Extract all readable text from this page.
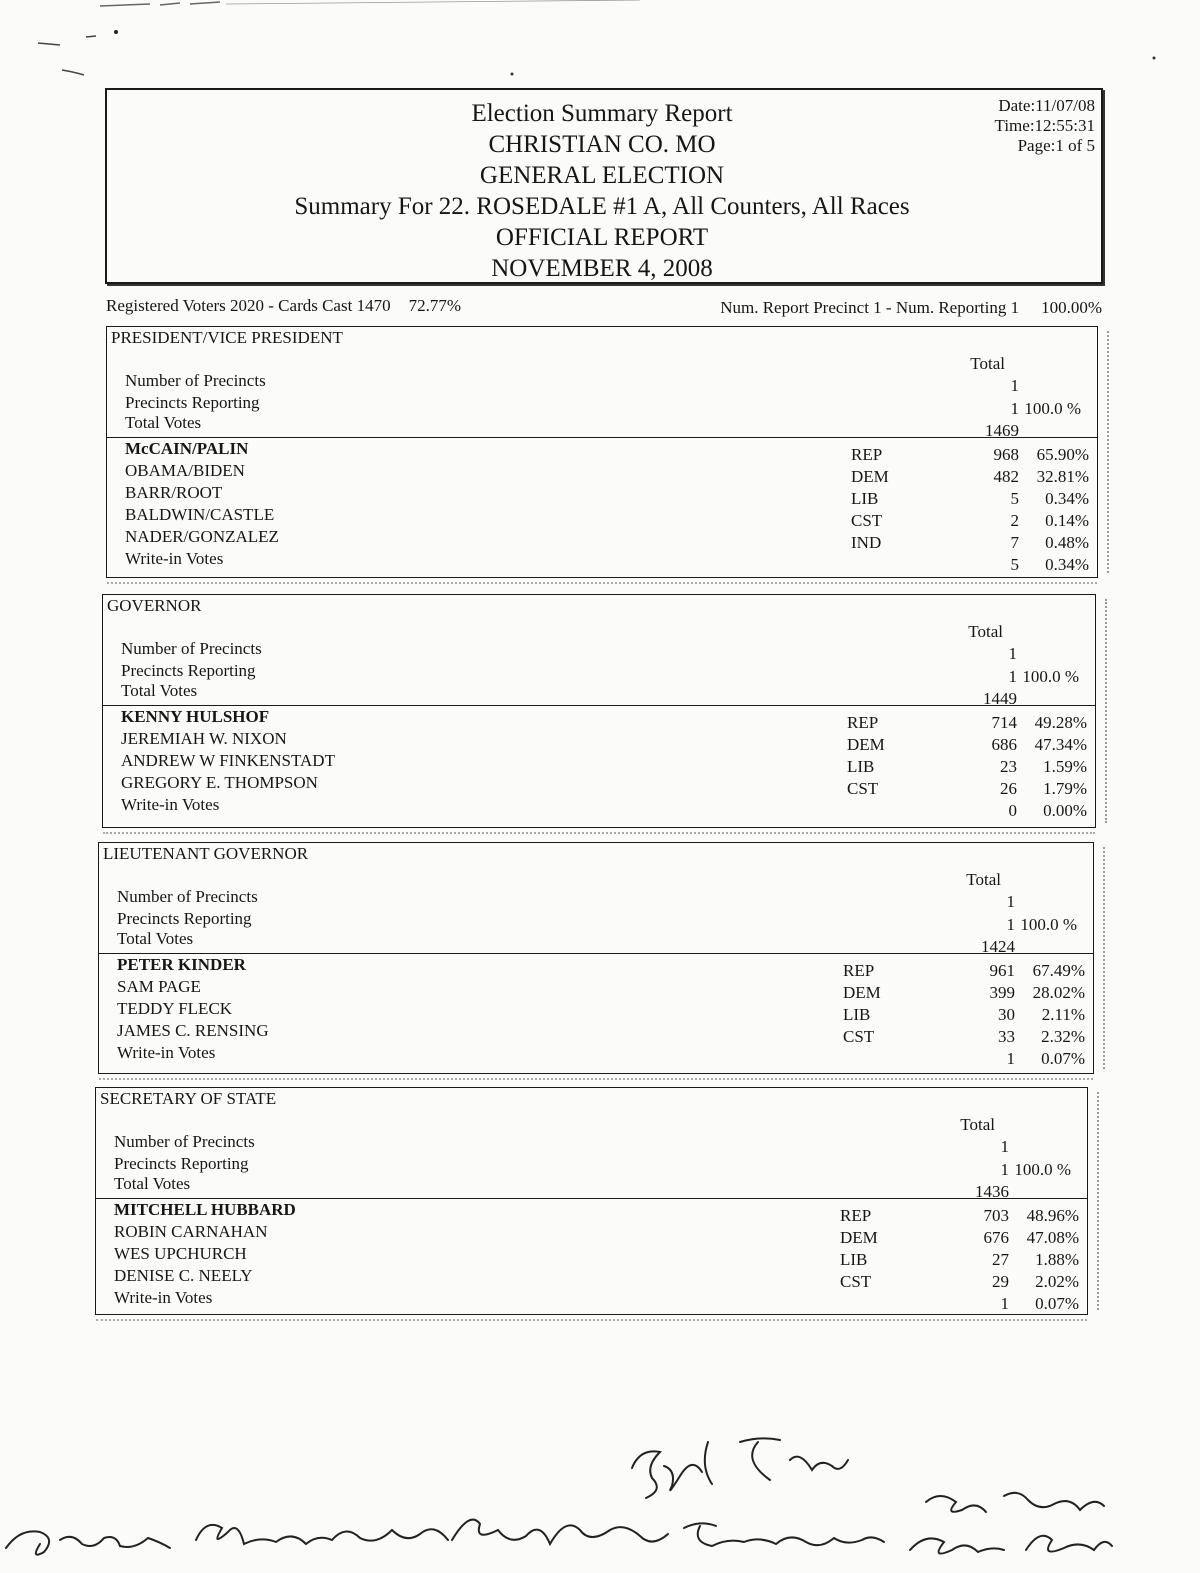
Election Summary Report
CHRISTIAN CO. MO
GENERAL ELECTION
Summary For 22. ROSEDALE #1 A, All Counters, All Races
OFFICIAL REPORT
NOVEMBER 4, 2008
Date:11/07/08
Time:12:55:31
Page:1 of 5
Registered Voters 2020 - Cards Cast 1470 72.77%	Num. Report Precinct 1 - Num. Reporting 1 100.00%
PRESIDENT/VICE PRESIDENT
Total
Number of Precincts	1
Precincts Reporting	1 100.0 %
Total Votes	1469
McCAIN/PALIN	REP	968	65.90%
OBAMA/BIDEN	DEM	482	32.81%
BARR/ROOT	LIB	5	0.34%
BALDWIN/CASTLE	CST	2	0.14%
NADER/GONZALEZ	IND	7	0.48%
Write-in Votes	5	0.34%
GOVERNOR
Total
Number of Precincts	1
Precincts Reporting	1 100.0 %
Total Votes	1449
KENNY HULSHOF	REP	714	49.28%
JEREMIAH W. NIXON	DEM	686	47.34%
ANDREW W FINKENSTADT	LIB	23	1.59%
GREGORY E. THOMPSON	CST	26	1.79%
Write-in Votes	0	0.00%
LIEUTENANT GOVERNOR
Total
Number of Precincts	1
Precincts Reporting	1 100.0 %
Total Votes	1424
PETER KINDER	REP	961	67.49%
SAM PAGE	DEM	399	28.02%
TEDDY FLECK	LIB	30	2.11%
JAMES C. RENSING	CST	33	2.32%
Write-in Votes	1	0.07%
SECRETARY OF STATE
Total
Number of Precincts	1
Precincts Reporting	1 100.0 %
Total Votes	1436
MITCHELL HUBBARD	REP	703	48.96%
ROBIN CARNAHAN	DEM	676	47.08%
WES UPCHURCH	LIB	27	1.88%
DENISE C. NEELY	CST	29	2.02%
Write-in Votes	1	0.07%
